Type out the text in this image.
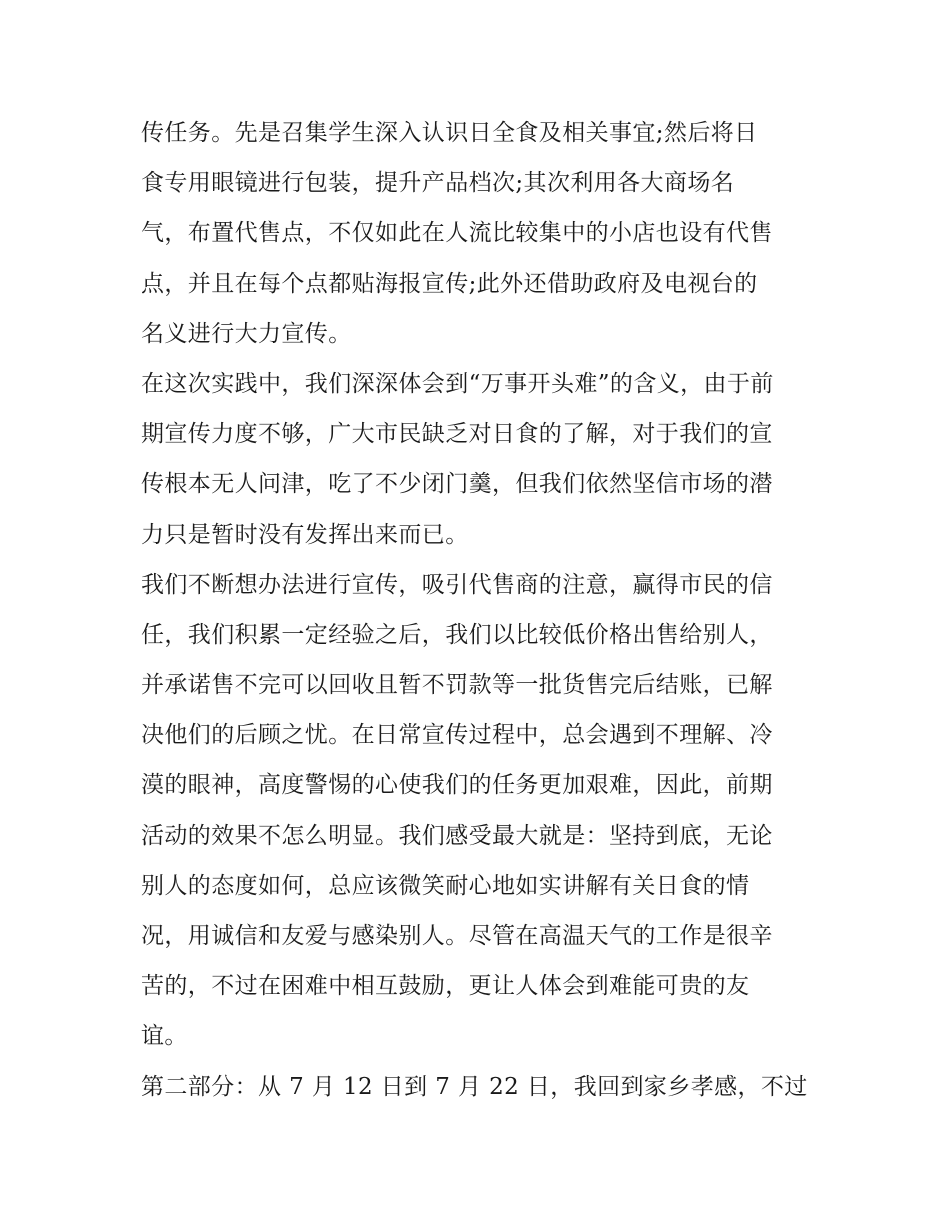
传任务。先是召集学生深入认识日全食及相关事宜;然后将日
食专用眼镜进行包装，提升产品档次;其次利用各大商场名
气，布置代售点，不仅如此在人流比较集中的小店也设有代售
点，并且在每个点都贴海报宣传;此外还借助政府及电视台的
名义进行大力宣传。
在这次实践中，我们深深体会到“万事开头难”的含义，由于前
期宣传力度不够，广大市民缺乏对日食的了解，对于我们的宣
传根本无人问津，吃了不少闭门羹，但我们依然坚信市场的潜
力只是暂时没有发挥出来而已。
我们不断想办法进行宣传，吸引代售商的注意，赢得市民的信
任，我们积累一定经验之后，我们以比较低价格出售给别人，
并承诺售不完可以回收且暂不罚款等一批货售完后结账，已解
决他们的后顾之忧。在日常宣传过程中，总会遇到不理解、冷
漠的眼神，高度警惕的心使我们的任务更加艰难，因此，前期
活动的效果不怎么明显。我们感受最大就是：坚持到底，无论
别人的态度如何，总应该微笑耐心地如实讲解有关日食的情
况，用诚信和友爱与感染别人。尽管在高温天气的工作是很辛
苦的，不过在困难中相互鼓励，更让人体会到难能可贵的友
谊。
第二部分：从 7 月 12 日到 7 月 22 日，我回到家乡孝感，不过
